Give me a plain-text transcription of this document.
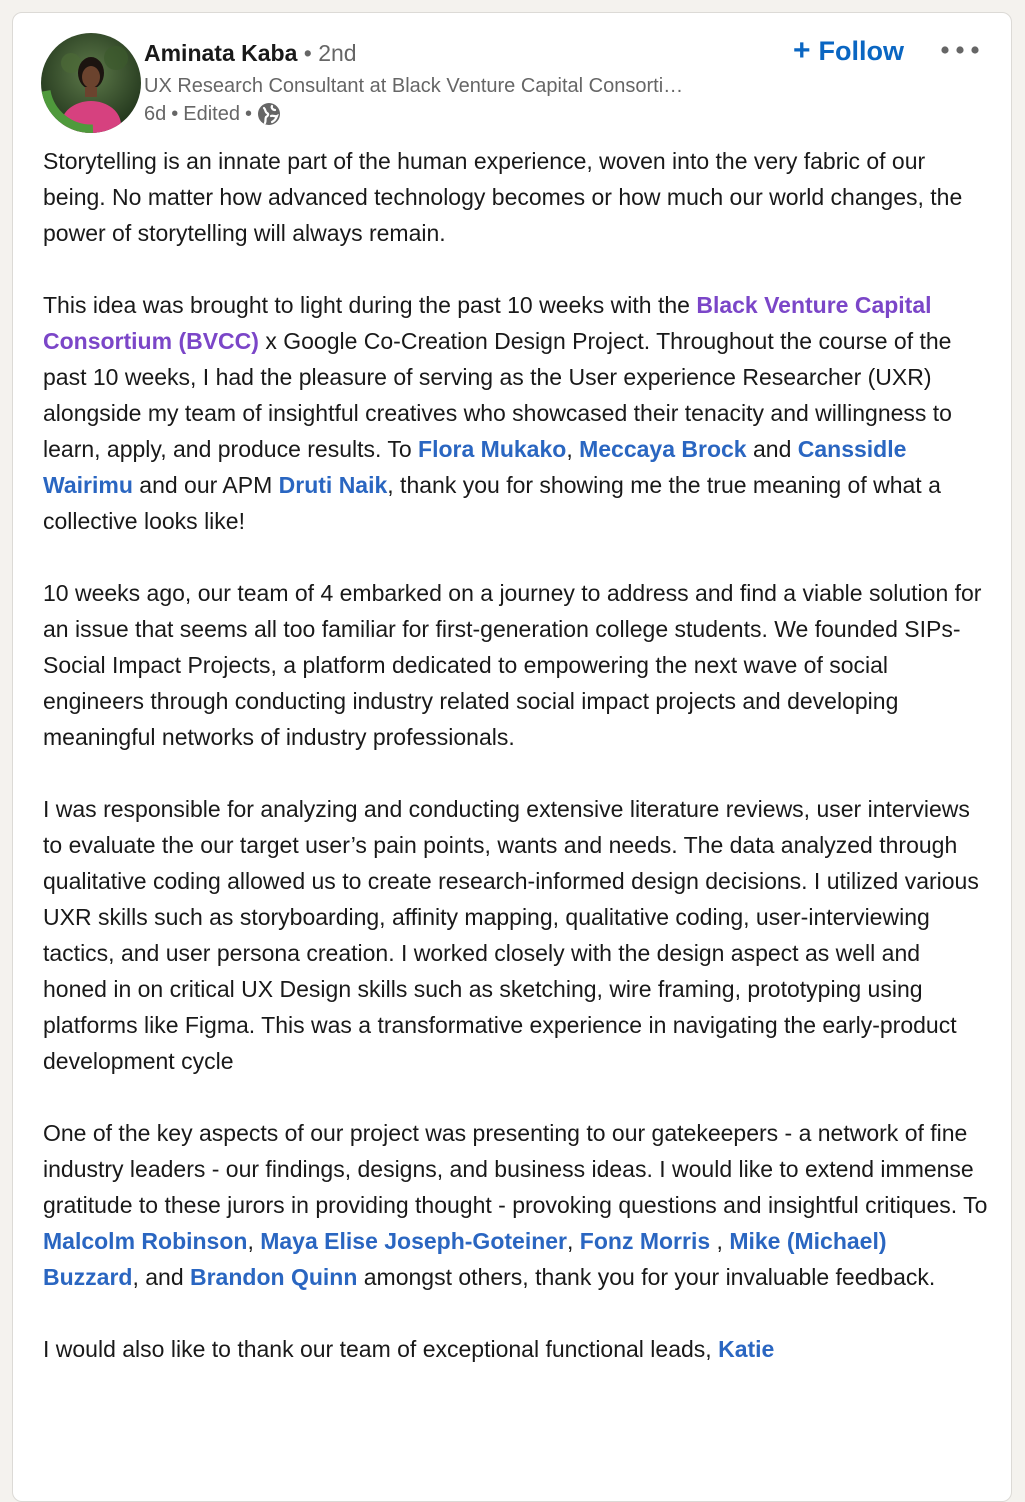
Aminata Kaba • 2nd
UX Research Consultant at Black Venture Capital Consorti…
6d • Edited •
+ Follow

Storytelling is an innate part of the human experience, woven into the very fabric of our being. No matter how advanced technology becomes or how much our world changes, the power of storytelling will always remain.

This idea was brought to light during the past 10 weeks with the Black Venture Capital Consortium (BVCC) x Google Co-Creation Design Project. Throughout the course of the past 10 weeks, I had the pleasure of serving as the User experience Researcher (UXR) alongside my team of insightful creatives who showcased their tenacity and willingness to learn, apply, and produce results. To Flora Mukako, Meccaya Brock and Canssidle Wairimu and our APM Druti Naik, thank you for showing me the true meaning of what a collective looks like!

10 weeks ago, our team of 4 embarked on a journey to address and find a viable solution for an issue that seems all too familiar for first-generation college students. We founded SIPs- Social Impact Projects, a platform dedicated to empowering the next wave of social engineers through conducting industry related social impact projects and developing meaningful networks of industry professionals.

I was responsible for analyzing and conducting extensive literature reviews, user interviews to evaluate the our target user’s pain points, wants and needs. The data analyzed through qualitative coding allowed us to create research-informed design decisions. I utilized various UXR skills such as storyboarding, affinity mapping, qualitative coding, user-interviewing tactics, and user persona creation. I worked closely with the design aspect as well and honed in on critical UX Design skills such as sketching, wire framing, prototyping using platforms like Figma. This was a transformative experience in navigating the early-product development cycle

One of the key aspects of our project was presenting to our gatekeepers - a network of fine industry leaders - our findings, designs, and business ideas. I would like to extend immense gratitude to these jurors in providing thought - provoking questions and insightful critiques. To Malcolm Robinson, Maya Elise Joseph-Goteiner, Fonz Morris , Mike (Michael) Buzzard, and Brandon Quinn amongst others, thank you for your invaluable feedback.

I would also like to thank our team of exceptional functional leads, Katie
